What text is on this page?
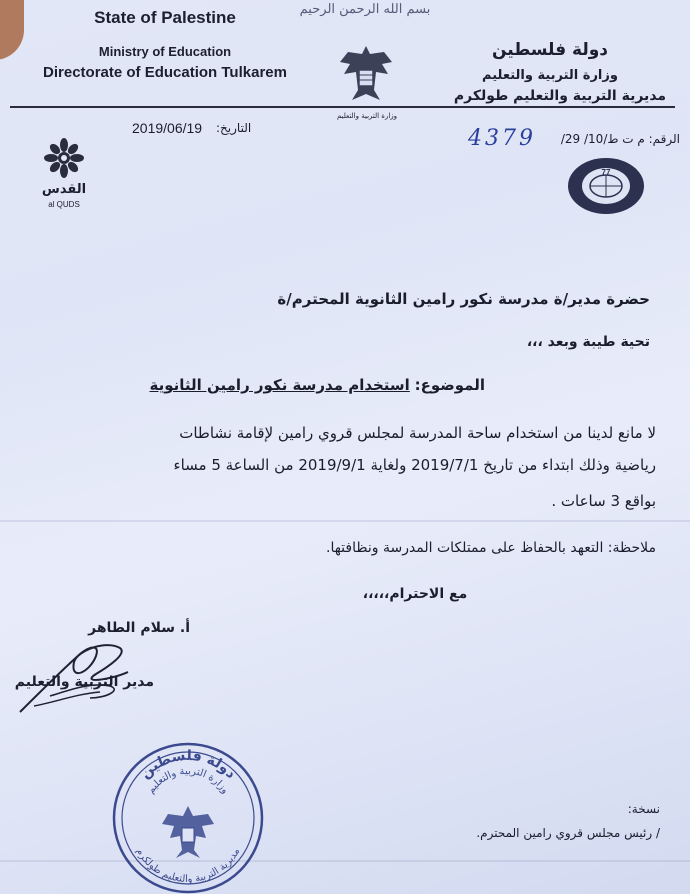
بسم الله الرحمن الرحيم
State of Palestine
Ministry of Education
Directorate of Education Tulkarem
دولة فلسطين
وزارة التربية والتعليم
مديرية التربية والتعليم طولكرم
وزارة التربية والتعليم
2019/06/19 التاريخ:	4379	الرقم: م ت ط/10/ 29/
القدس
al QUDS
77
حضرة مدير/ة مدرسة نكور رامين الثانوية المحترم/ة
تحية طيبة وبعد ،،،
الموضوع: استخدام مدرسة نكور رامين الثانوية
لا مانع لدينا من استخدام ساحة المدرسة لمجلس قروي رامين لإقامة نشاطات
رياضية وذلك ابتداء من تاريخ 2019/7/1 ولغاية 2019/9/1 من الساعة 5 مساء
بواقع 3 ساعات .
ملاحظة: التعهد بالحفاظ على ممتلكات المدرسة ونظافتها.
مع الاحترام،،،،،
أ. سلام الطاهر
مدير التربية والتعليم
دولة فلسطين
وزارة التربية والتعليم
مديرية التربية والتعليم طولكرم
نسخة:
/ رئيس مجلس قروي رامين المحترم.
